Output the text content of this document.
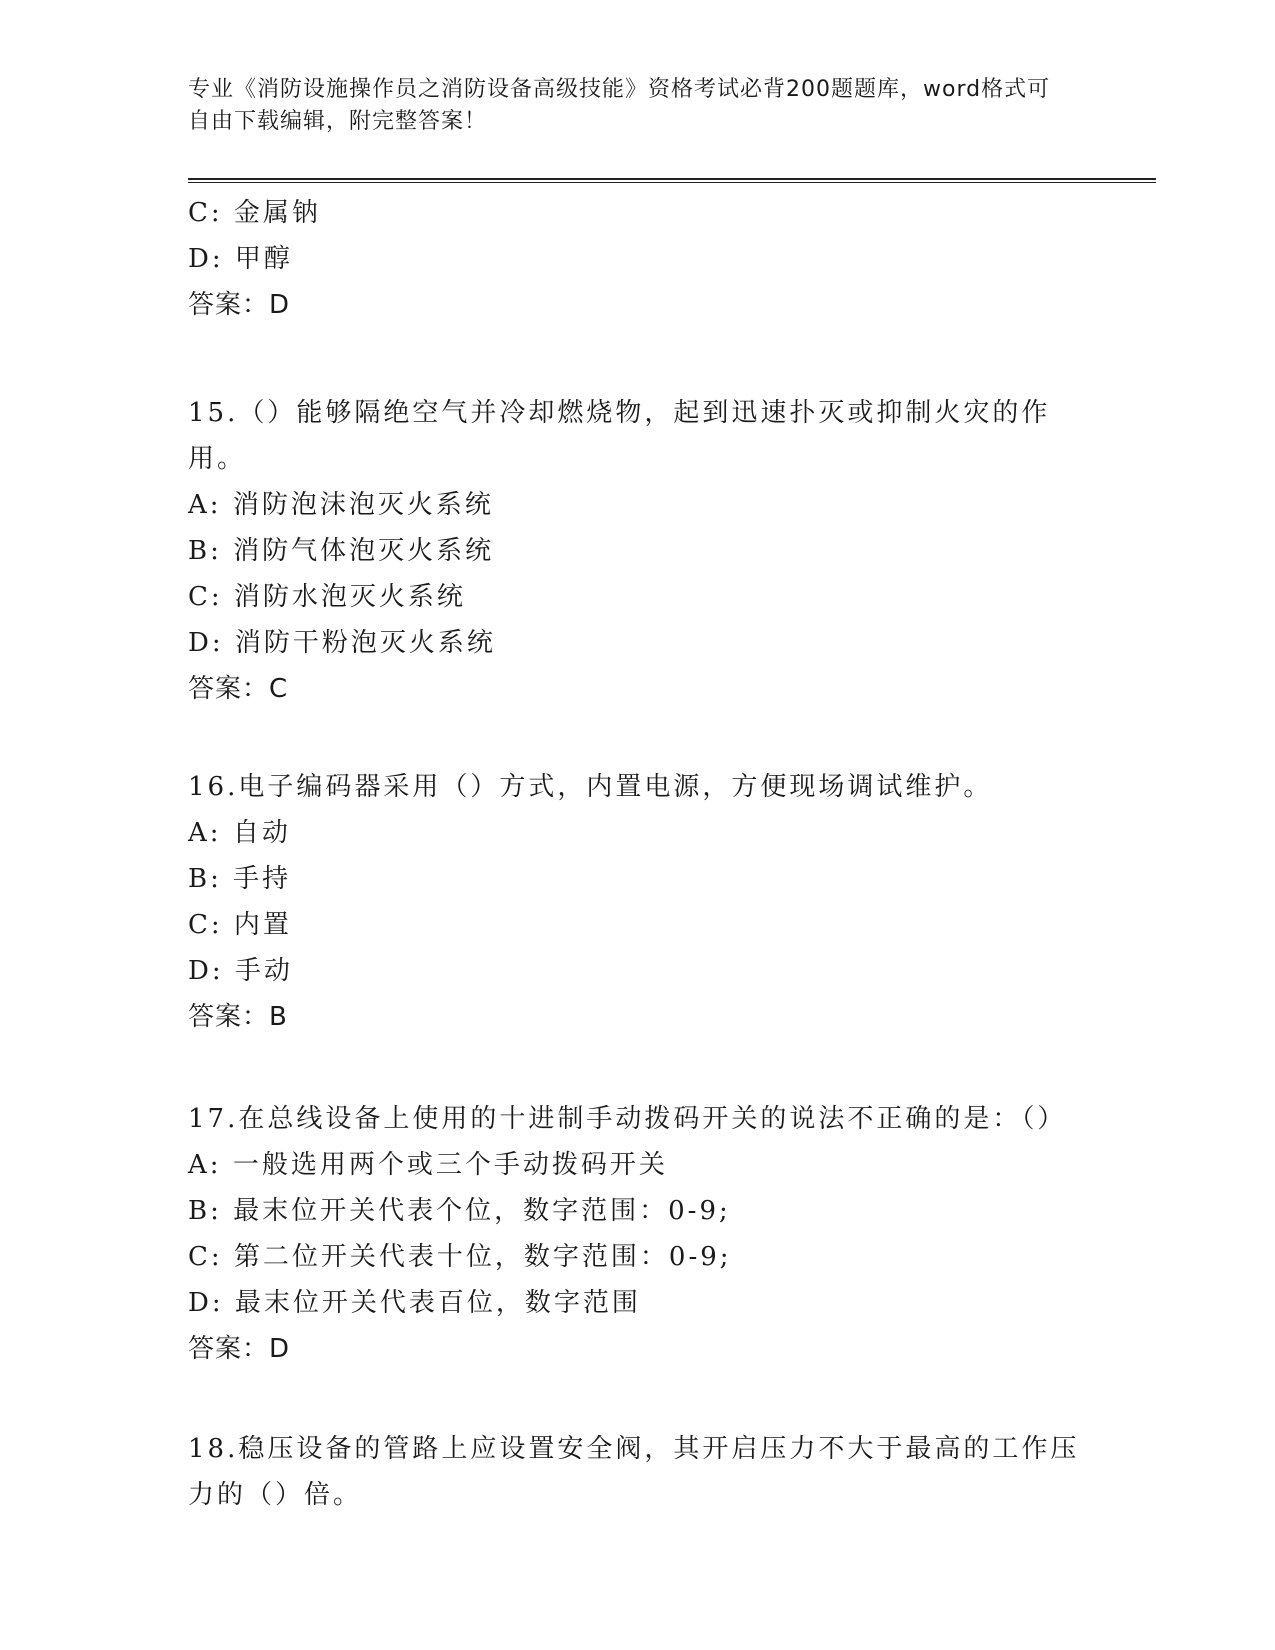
专业《消防设施操作员之消防设备高级技能》资格考试必背200题题库，word格式可自由下载编辑，附完整答案！
C: 金属钠
D: 甲醇
答案：D
15.（）能够隔绝空气并冷却燃烧物，起到迅速扑灭或抑制火灾的作用。
A: 消防泡沫泡灭火系统
B: 消防气体泡灭火系统
C: 消防水泡灭火系统
D: 消防干粉泡灭火系统
答案：C
16.电子编码器采用（）方式，内置电源，方便现场调试维护。
A: 自动
B: 手持
C: 内置
D: 手动
答案：B
17.在总线设备上使用的十进制手动拨码开关的说法不正确的是：（）
A: 一般选用两个或三个手动拨码开关
B: 最末位开关代表个位，数字范围：0-9;
C: 第二位开关代表十位，数字范围：0-9;
D: 最末位开关代表百位，数字范围
答案：D
18.稳压设备的管路上应设置安全阀，其开启压力不大于最高的工作压力的（）倍。
